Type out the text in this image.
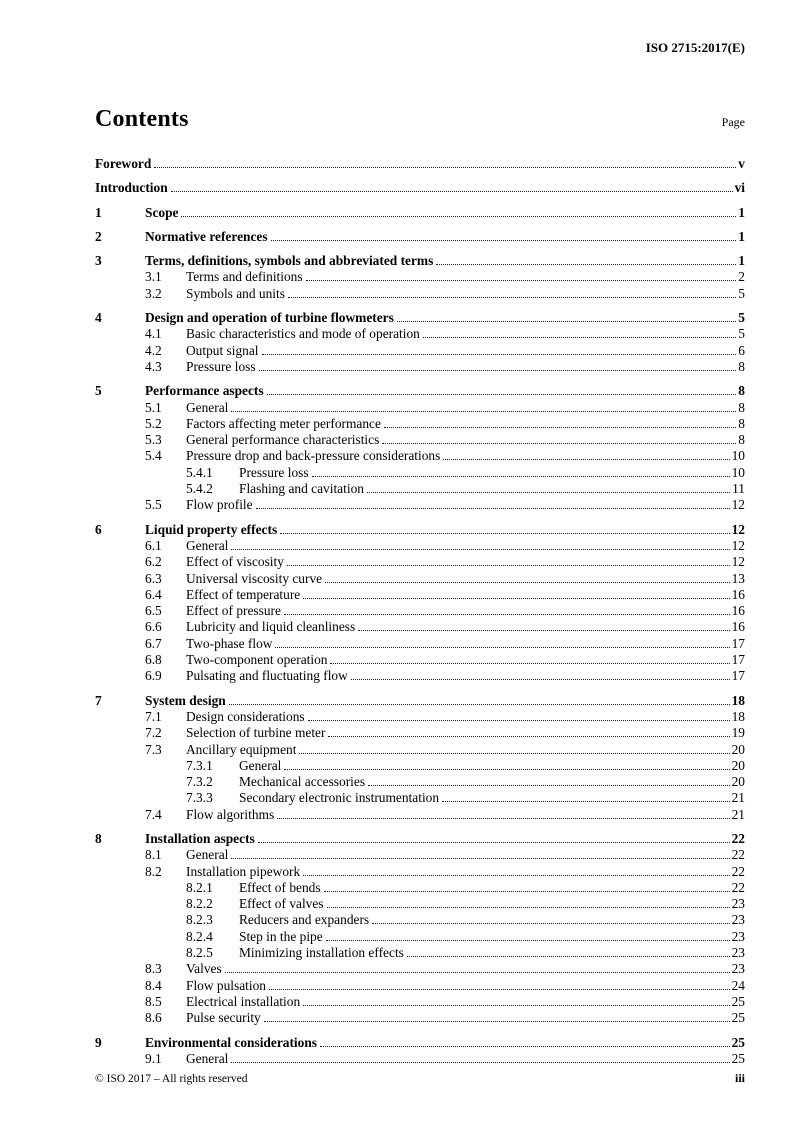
ISO 2715:2017(E)
Contents	Page
Foreword	v
Introduction	vi
1	Scope	1
2	Normative references	1
3	Terms, definitions, symbols and abbreviated terms	1
3.1	Terms and definitions	2
3.2	Symbols and units	5
4	Design and operation of turbine flowmeters	5
4.1	Basic characteristics and mode of operation	5
4.2	Output signal	6
4.3	Pressure loss	8
5	Performance aspects	8
5.1	General	8
5.2	Factors affecting meter performance	8
5.3	General performance characteristics	8
5.4	Pressure drop and back-pressure considerations	10
5.4.1	Pressure loss	10
5.4.2	Flashing and cavitation	11
5.5	Flow profile	12
6	Liquid property effects	12
6.1	General	12
6.2	Effect of viscosity	12
6.3	Universal viscosity curve	13
6.4	Effect of temperature	16
6.5	Effect of pressure	16
6.6	Lubricity and liquid cleanliness	16
6.7	Two-phase flow	17
6.8	Two-component operation	17
6.9	Pulsating and fluctuating flow	17
7	System design	18
7.1	Design considerations	18
7.2	Selection of turbine meter	19
7.3	Ancillary equipment	20
7.3.1	General	20
7.3.2	Mechanical accessories	20
7.3.3	Secondary electronic instrumentation	21
7.4	Flow algorithms	21
8	Installation aspects	22
8.1	General	22
8.2	Installation pipework	22
8.2.1	Effect of bends	22
8.2.2	Effect of valves	23
8.2.3	Reducers and expanders	23
8.2.4	Step in the pipe	23
8.2.5	Minimizing installation effects	23
8.3	Valves	23
8.4	Flow pulsation	24
8.5	Electrical installation	25
8.6	Pulse security	25
9	Environmental considerations	25
9.1	General	25
© ISO 2017 – All rights reserved	iii
